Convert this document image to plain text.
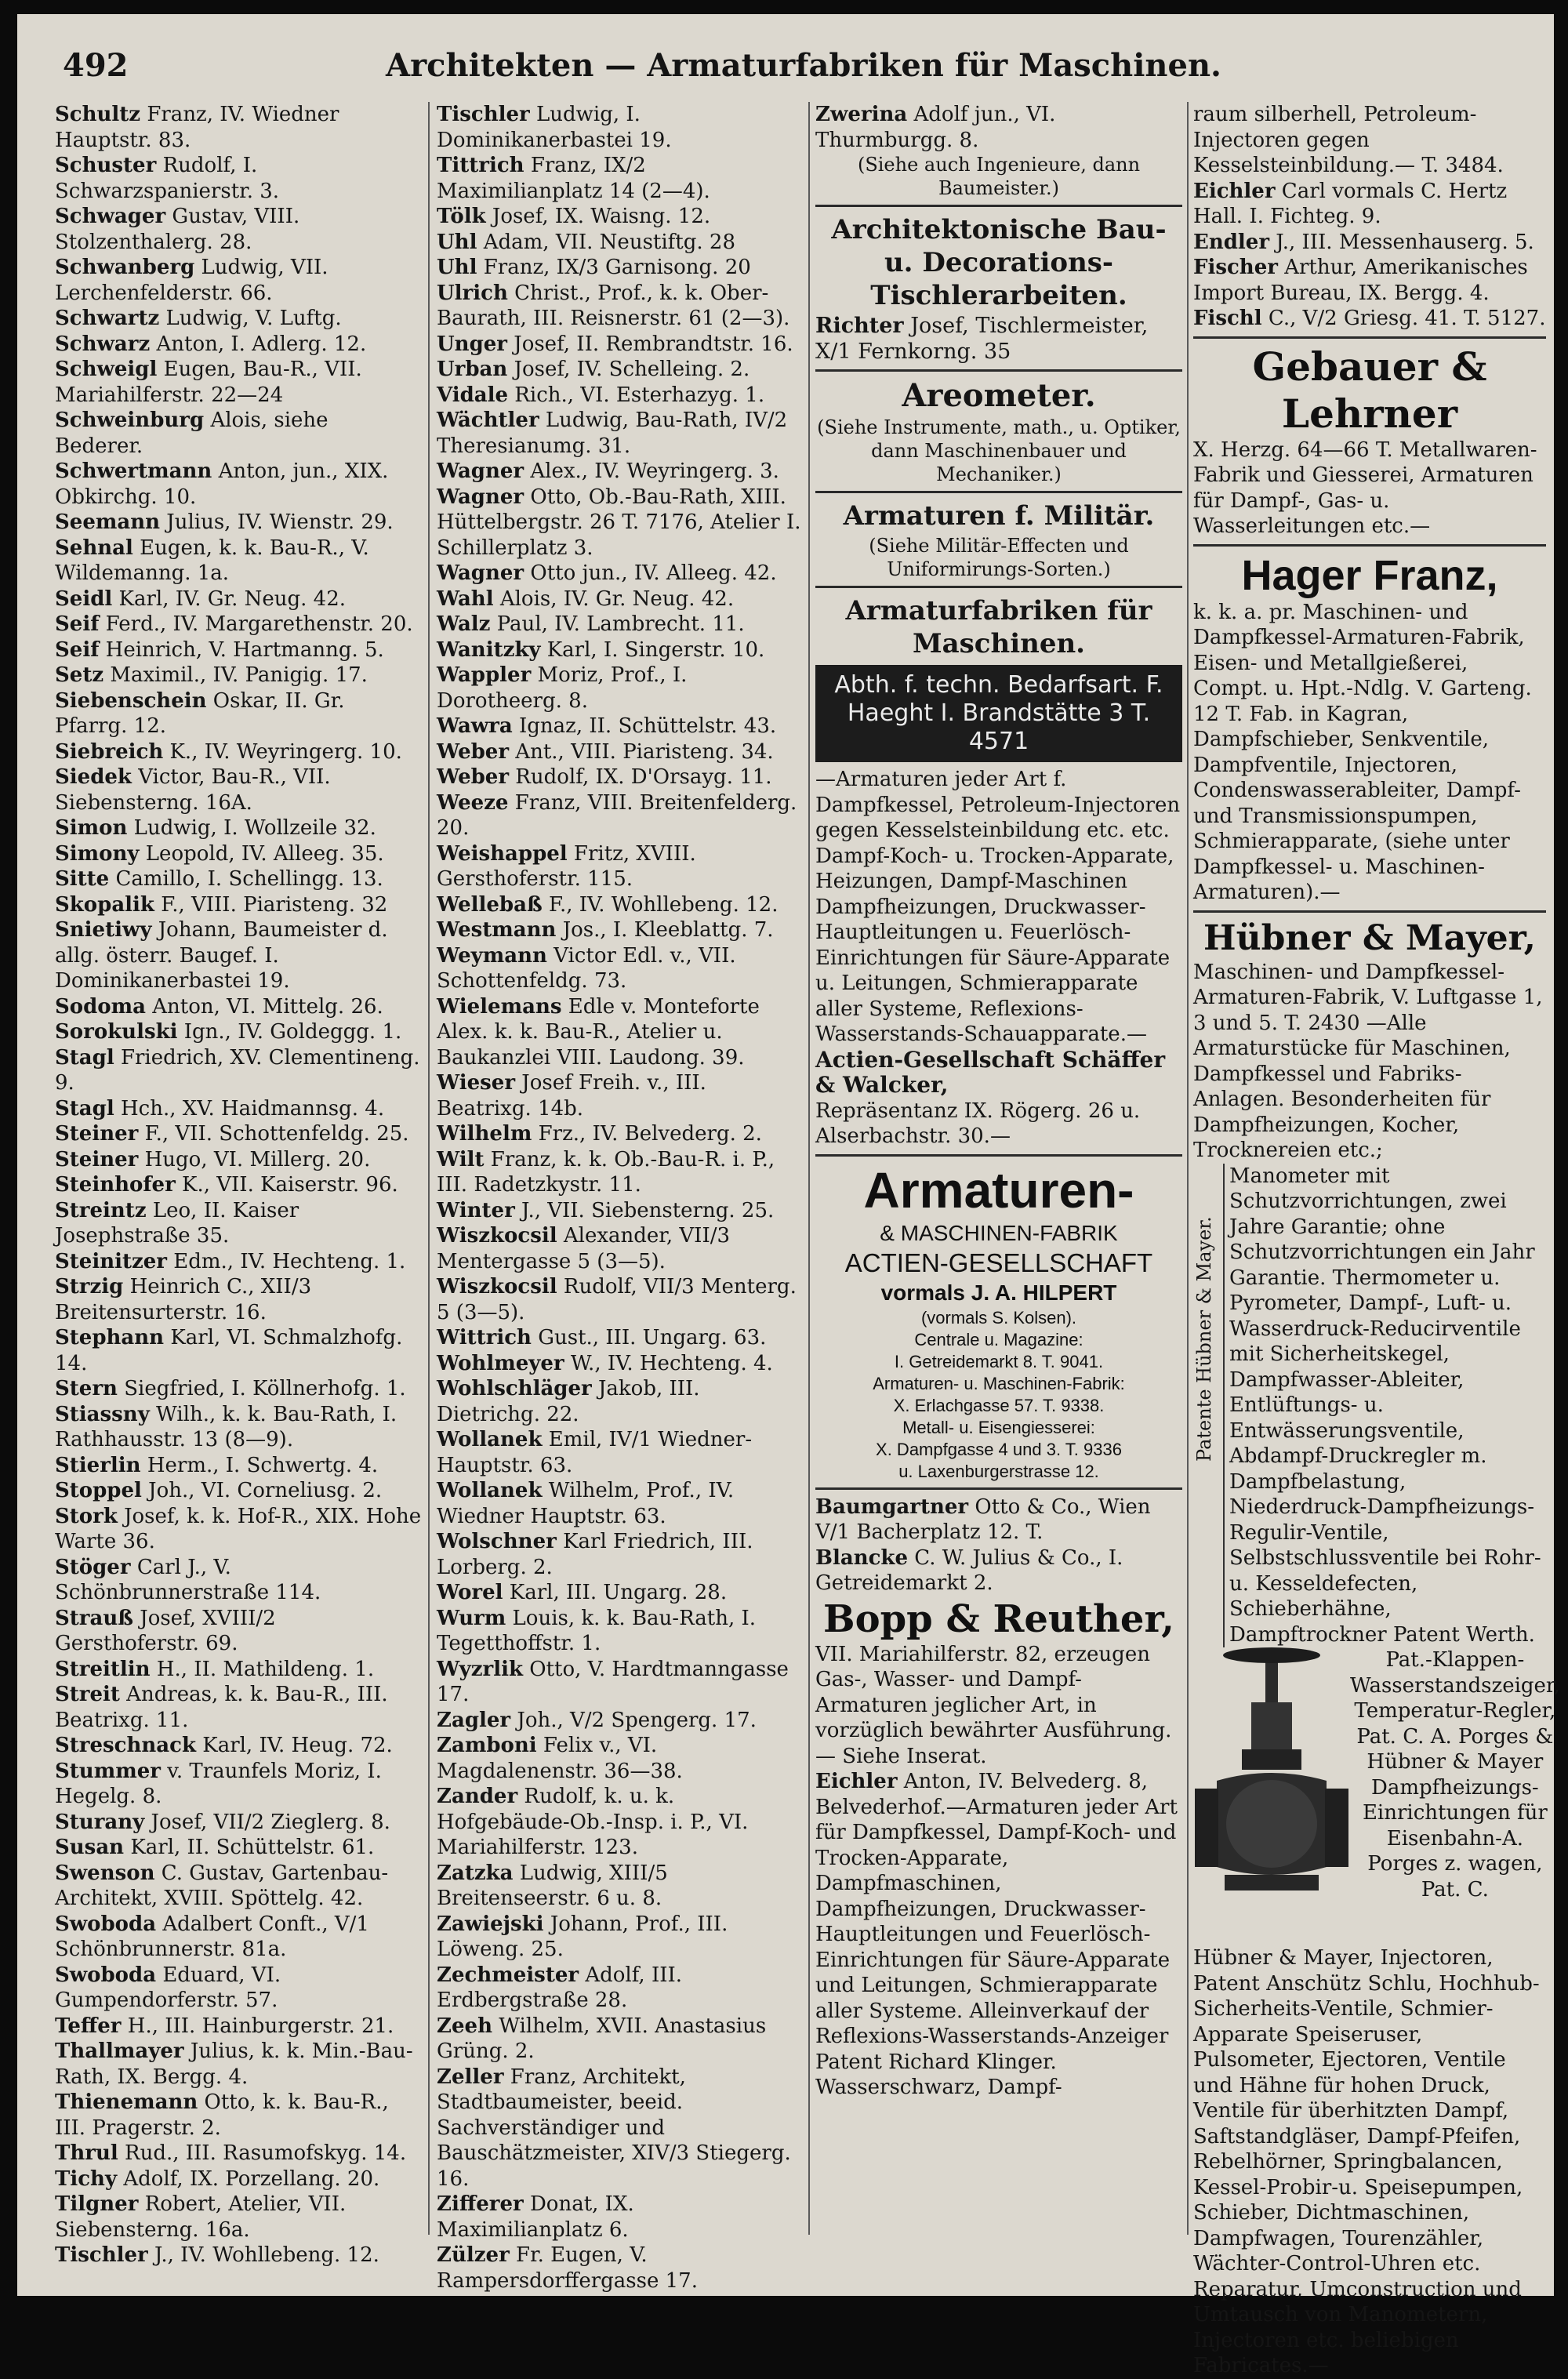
492	Architekten — Armaturfabriken für Maschinen.

Schultz Franz, IV. Wiedner Hauptstr. 83.

Schuster Rudolf, I. Schwarzspanierstr. 3.

Schwager Gustav, VIII. Stolzenthalerg. 28.

Schwanberg Ludwig, VII. Lerchenfelderstr. 66.

Schwartz Ludwig, V. Luftg.

Schwarz Anton, I. Adlerg. 12.

Schweigl Eugen, Bau-R., VII. Mariahilferstr. 22—24

Schweinburg Alois, siehe Bederer.

Schwertmann Anton, jun., XIX. Obkirchg. 10.

Seemann Julius, IV. Wienstr. 29.

Sehnal Eugen, k. k. Bau-R., V. Wildemanng. 1a.

Seidl Karl, IV. Gr. Neug. 42.

Seif Ferd., IV. Margarethenstr. 20.

Seif Heinrich, V. Hartmanng. 5.

Setz Maximil., IV. Panigig. 17.

Siebenschein Oskar, II. Gr. Pfarrg. 12.

Siebreich K., IV. Weyringerg. 10.

Siedek Victor, Bau-R., VII. Siebensterng. 16A.

Simon Ludwig, I. Wollzeile 32.

Simony Leopold, IV. Alleeg. 35.

Sitte Camillo, I. Schellingg. 13.

Skopalik F., VIII. Piaristeng. 32

Snietiwy Johann, Baumeister d. allg. österr. Baugef. I. Dominikanerbastei 19.

Sodoma Anton, VI. Mittelg. 26.

Sorokulski Ign., IV. Goldeggg. 1.

Stagl Friedrich, XV. Clementineng. 9.

Stagl Hch., XV. Haidmannsg. 4.

Steiner F., VII. Schottenfeldg. 25.

Steiner Hugo, VI. Millerg. 20.

Steinhofer K., VII. Kaiserstr. 96.

Streintz Leo, II. Kaiser Josephstraße 35.

Steinitzer Edm., IV. Hechteng. 1.

Strzig Heinrich C., XII/3 Breitensurterstr. 16.

Stephann Karl, VI. Schmalzhofg. 14.

Stern Siegfried, I. Köllnerhofg. 1.

Stiassny Wilh., k. k. Bau-Rath, I. Rathhausstr. 13 (8—9).

Stierlin Herm., I. Schwertg. 4.

Stoppel Joh., VI. Corneliusg. 2.

Stork Josef, k. k. Hof-R., XIX. Hohe Warte 36.

Stöger Carl J., V. Schönbrunnerstraße 114.

Strauß Josef, XVIII/2 Gersthoferstr. 69.

Streitlin H., II. Mathildeng. 1.

Streit Andreas, k. k. Bau-R., III. Beatrixg. 11.

Streschnack Karl, IV. Heug. 72.

Stummer v. Traunfels Moriz, I. Hegelg. 8.

Sturany Josef, VII/2 Zieglerg. 8.

Susan Karl, II. Schüttelstr. 61.

Swenson C. Gustav, Gartenbau-Architekt, XVIII. Spöttelg. 42.

Swoboda Adalbert Conft., V/1 Schönbrunnerstr. 81a.

Swoboda Eduard, VI. Gumpendorferstr. 57.

Teffer H., III. Hainburgerstr. 21.

Thallmayer Julius, k. k. Min.-Bau-Rath, IX. Bergg. 4.

Thienemann Otto, k. k. Bau-R., III. Pragerstr. 2.

Thrul Rud., III. Rasumofskyg. 14.

Tichy Adolf, IX. Porzellang. 20.

Tilgner Robert, Atelier, VII. Siebensterng. 16a.

Tischler J., IV. Wohllebeng. 12.

Tischler Ludwig, I. Dominikanerbastei 19.

Tittrich Franz, IX/2 Maximilianplatz 14 (2—4).

Tölk Josef, IX. Waisng. 12.

Uhl Adam, VII. Neustiftg. 28

Uhl Franz, IX/3 Garnisong. 20

Ulrich Christ., Prof., k. k. Ober-Baurath, III. Reisnerstr. 61 (2—3).

Unger Josef, II. Rembrandtstr. 16.

Urban Josef, IV. Schelleing. 2.

Vidale Rich., VI. Esterhazyg. 1.

Wächtler Ludwig, Bau-Rath, IV/2 Theresianumg. 31.

Wagner Alex., IV. Weyringerg. 3.

Wagner Otto, Ob.-Bau-Rath, XIII. Hüttelbergstr. 26 T. 7176, Atelier I. Schillerplatz 3.

Wagner Otto jun., IV. Alleeg. 42.

Wahl Alois, IV. Gr. Neug. 42.

Walz Paul, IV. Lambrecht. 11.

Wanitzky Karl, I. Singerstr. 10.

Wappler Moriz, Prof., I. Dorotheerg. 8.

Wawra Ignaz, II. Schüttelstr. 43.

Weber Ant., VIII. Piaristeng. 34.

Weber Rudolf, IX. D'Orsayg. 11.

Weeze Franz, VIII. Breitenfelderg. 20.

Weishappel Fritz, XVIII. Gersthoferstr. 115.

Wellebaß F., IV. Wohllebeng. 12.

Westmann Jos., I. Kleeblattg. 7.

Weymann Victor Edl. v., VII. Schottenfeldg. 73.

Wielemans Edle v. Monteforte Alex. k. k. Bau-R., Atelier u. Baukanzlei VIII. Laudong. 39.

Wieser Josef Freih. v., III. Beatrixg. 14b.

Wilhelm Frz., IV. Belvederg. 2.

Wilt Franz, k. k. Ob.-Bau-R. i. P., III. Radetzkystr. 11.

Winter J., VII. Siebensterng. 25.

Wiszkocsil Alexander, VII/3 Mentergasse 5 (3—5).

Wiszkocsil Rudolf, VII/3 Menterg. 5 (3—5).

Wittrich Gust., III. Ungarg. 63.

Wohlmeyer W., IV. Hechteng. 4.

Wohlschläger Jakob, III. Dietrichg. 22.

Wollanek Emil, IV/1 Wiedner-Hauptstr. 63.

Wollanek Wilhelm, Prof., IV. Wiedner Hauptstr. 63.

Wolschner Karl Friedrich, III. Lorberg. 2.

Worel Karl, III. Ungarg. 28.

Wurm Louis, k. k. Bau-Rath, I. Tegetthoffstr. 1.

Wyzrlik Otto, V. Hardtmanngasse 17.

Zagler Joh., V/2 Spengerg. 17.

Zamboni Felix v., VI. Magdalenenstr. 36—38.

Zander Rudolf, k. u. k. Hofgebäude-Ob.-Insp. i. P., VI. Mariahilferstr. 123.

Zatzka Ludwig, XIII/5 Breitenseerstr. 6 u. 8.

Zawiejski Johann, Prof., III. Löweng. 25.

Zechmeister Adolf, III. Erdbergstraße 28.

Zeeh Wilhelm, XVII. Anastasius Grüng. 2.

Zeller Franz, Architekt, Stadtbaumeister, beeid. Sachverständiger und Bauschätzmeister, XIV/3 Stiegerg. 16.

Zifferer Donat, IX. Maximilianplatz 6.

Zülzer Fr. Eugen, V. Rampersdorffergasse 17.

Zwerina Adolf jun., VI. Thurmburgg. 8.

(Siehe auch Ingenieure, dann Baumeister.)
Architektonische Bau- u. Decorations-Tischlerarbeiten.

Richter Josef, Tischlermeister, X/1 Fernkorng. 35

Areometer.
(Siehe Instrumente, math., u. Optiker, dann Maschinenbauer und Mechaniker.)
Armaturen f. Militär.
(Siehe Militär-Effecten und Uniformirungs-Sorten.)
Armaturfabriken für Maschinen.
Abth. f. techn. Bedarfsart. F. Haeght I. Brandstätte 3 T. 4571

—Armaturen jeder Art f. Dampfkessel, Petroleum-Injectoren gegen Kesselsteinbildung etc. etc. Dampf-Koch- u. Trocken-Apparate, Heizungen, Dampf-Maschinen Dampfheizungen, Druckwasser-Hauptleitungen u. Feuerlösch-Einrichtungen für Säure-Apparate u. Leitungen, Schmierapparate aller Systeme, Reflexions-Wasserstands-Schauapparate.—

Actien-Gesellschaft Schäffer & Walcker,

Repräsentanz IX. Rögerg. 26 u. Alserbachstr. 30.—

Armaturen-
& MASCHINEN-FABRIK
ACTIEN-GESELLSCHAFT
vormals J. A. HILPERT
(vormals S. Kolsen).
Centrale u. Magazine:
I. Getreidemarkt 8. T. 9041.
Armaturen- u. Maschinen-Fabrik:
X. Erlachgasse 57. T. 9338.
Metall- u. Eisengiesserei:
X. Dampfgasse 4 und 3. T. 9336
u. Laxenburgerstrasse 12.

Baumgartner Otto & Co., Wien V/1 Bacherplatz 12. T.

Blancke C. W. Julius & Co., I. Getreidemarkt 2.

Bopp & Reuther,

VII. Mariahilferstr. 82, erzeugen Gas-, Wasser- und Dampf-Armaturen jeglicher Art, in vorzüglich bewährter Ausführung.— Siehe Inserat.

Eichler Anton, IV. Belvederg. 8, Belvederhof.—Armaturen jeder Art für Dampfkessel, Dampf-Koch- und Trocken-Apparate, Dampfmaschinen, Dampfheizungen, Druckwasser-Hauptleitungen und Feuerlösch-Einrichtungen für Säure-Apparate und Leitungen, Schmierapparate aller Systeme. Alleinverkauf der Reflexions-Wasserstands-Anzeiger Patent Richard Klinger. Wasserschwarz, Dampf-

raum silberhell, Petroleum-Injectoren gegen Kesselsteinbildung.— T. 3484.

Eichler Carl vormals C. Hertz Hall. I. Fichteg. 9.

Endler J., III. Messenhauserg. 5.

Fischer Arthur, Amerikanisches Import Bureau, IX. Bergg. 4.

Fischl C., V/2 Griesg. 41. T. 5127.

Gebauer & Lehrner

X. Herzg. 64—66 T. Metallwaren-Fabrik und Giesserei, Armaturen für Dampf-, Gas- u. Wasserleitungen etc.—

Hager Franz,

k. k. a. pr. Maschinen- und Dampfkessel-Armaturen-Fabrik, Eisen- und Metallgießerei, Compt. u. Hpt.-Ndlg. V. Garteng. 12 T. Fab. in Kagran, Dampfschieber, Senkventile, Dampfventile, Injectoren, Condenswasserableiter, Dampf- und Transmissionspumpen, Schmierapparate, (siehe unter Dampfkessel- u. Maschinen-Armaturen).—

Hübner & Mayer,

Maschinen- und Dampfkessel-Armaturen-Fabrik, V. Luftgasse 1, 3 und 5. T. 2430 —Alle Armaturstücke für Maschinen, Dampfkessel und Fabriks-Anlagen. Besonderheiten für Dampfheizungen, Kocher, Trocknereien etc.;

Patente Hübner & Mayer.

Manometer mit Schutzvorrichtungen, zwei Jahre Garantie; ohne Schutzvorrichtungen ein Jahr Garantie. Thermometer u. Pyrometer, Dampf-, Luft- u. Wasserdruck-Reducirventile mit Sicherheitskegel, Dampfwasser-Ableiter, Entlüftungs- u. Entwässerungsventile, Abdampf-Druckregler m. Dampfbelastung, Niederdruck-Dampfheizungs-Regulir-Ventile, Selbstschlussventile bei Rohr-u. Kesseldefecten, Schieberhähne, Dampftrockner Patent Werth.

Pat.-Klappen-Wasserstandszeiger, Temperatur-Regler, Pat. C. A. Porges & Hübner & Mayer Dampfheizungs-Einrichtungen für Eisenbahn-A. Porges z. wagen, Pat. C.

Hübner & Mayer, Injectoren, Patent Anschütz Schlu, Hochhub-Sicherheits-Ventile, Schmier-Apparate Speiseruser, Pulsometer, Ejectoren, Ventile und Hähne für hohen Druck, Ventile für überhitzten Dampf, Saftstandgläser, Dampf-Pfeifen, Rebelhörner, Springbalancen, Kessel-Probir-u. Speisepumpen, Schieber, Dichtmaschinen, Dampfwagen, Tourenzähler, Wächter-Control-Uhren etc. Reparatur, Umconstruction und Umtausch von Manometern, Injectoren etc. beliebigen Fabricates.—
